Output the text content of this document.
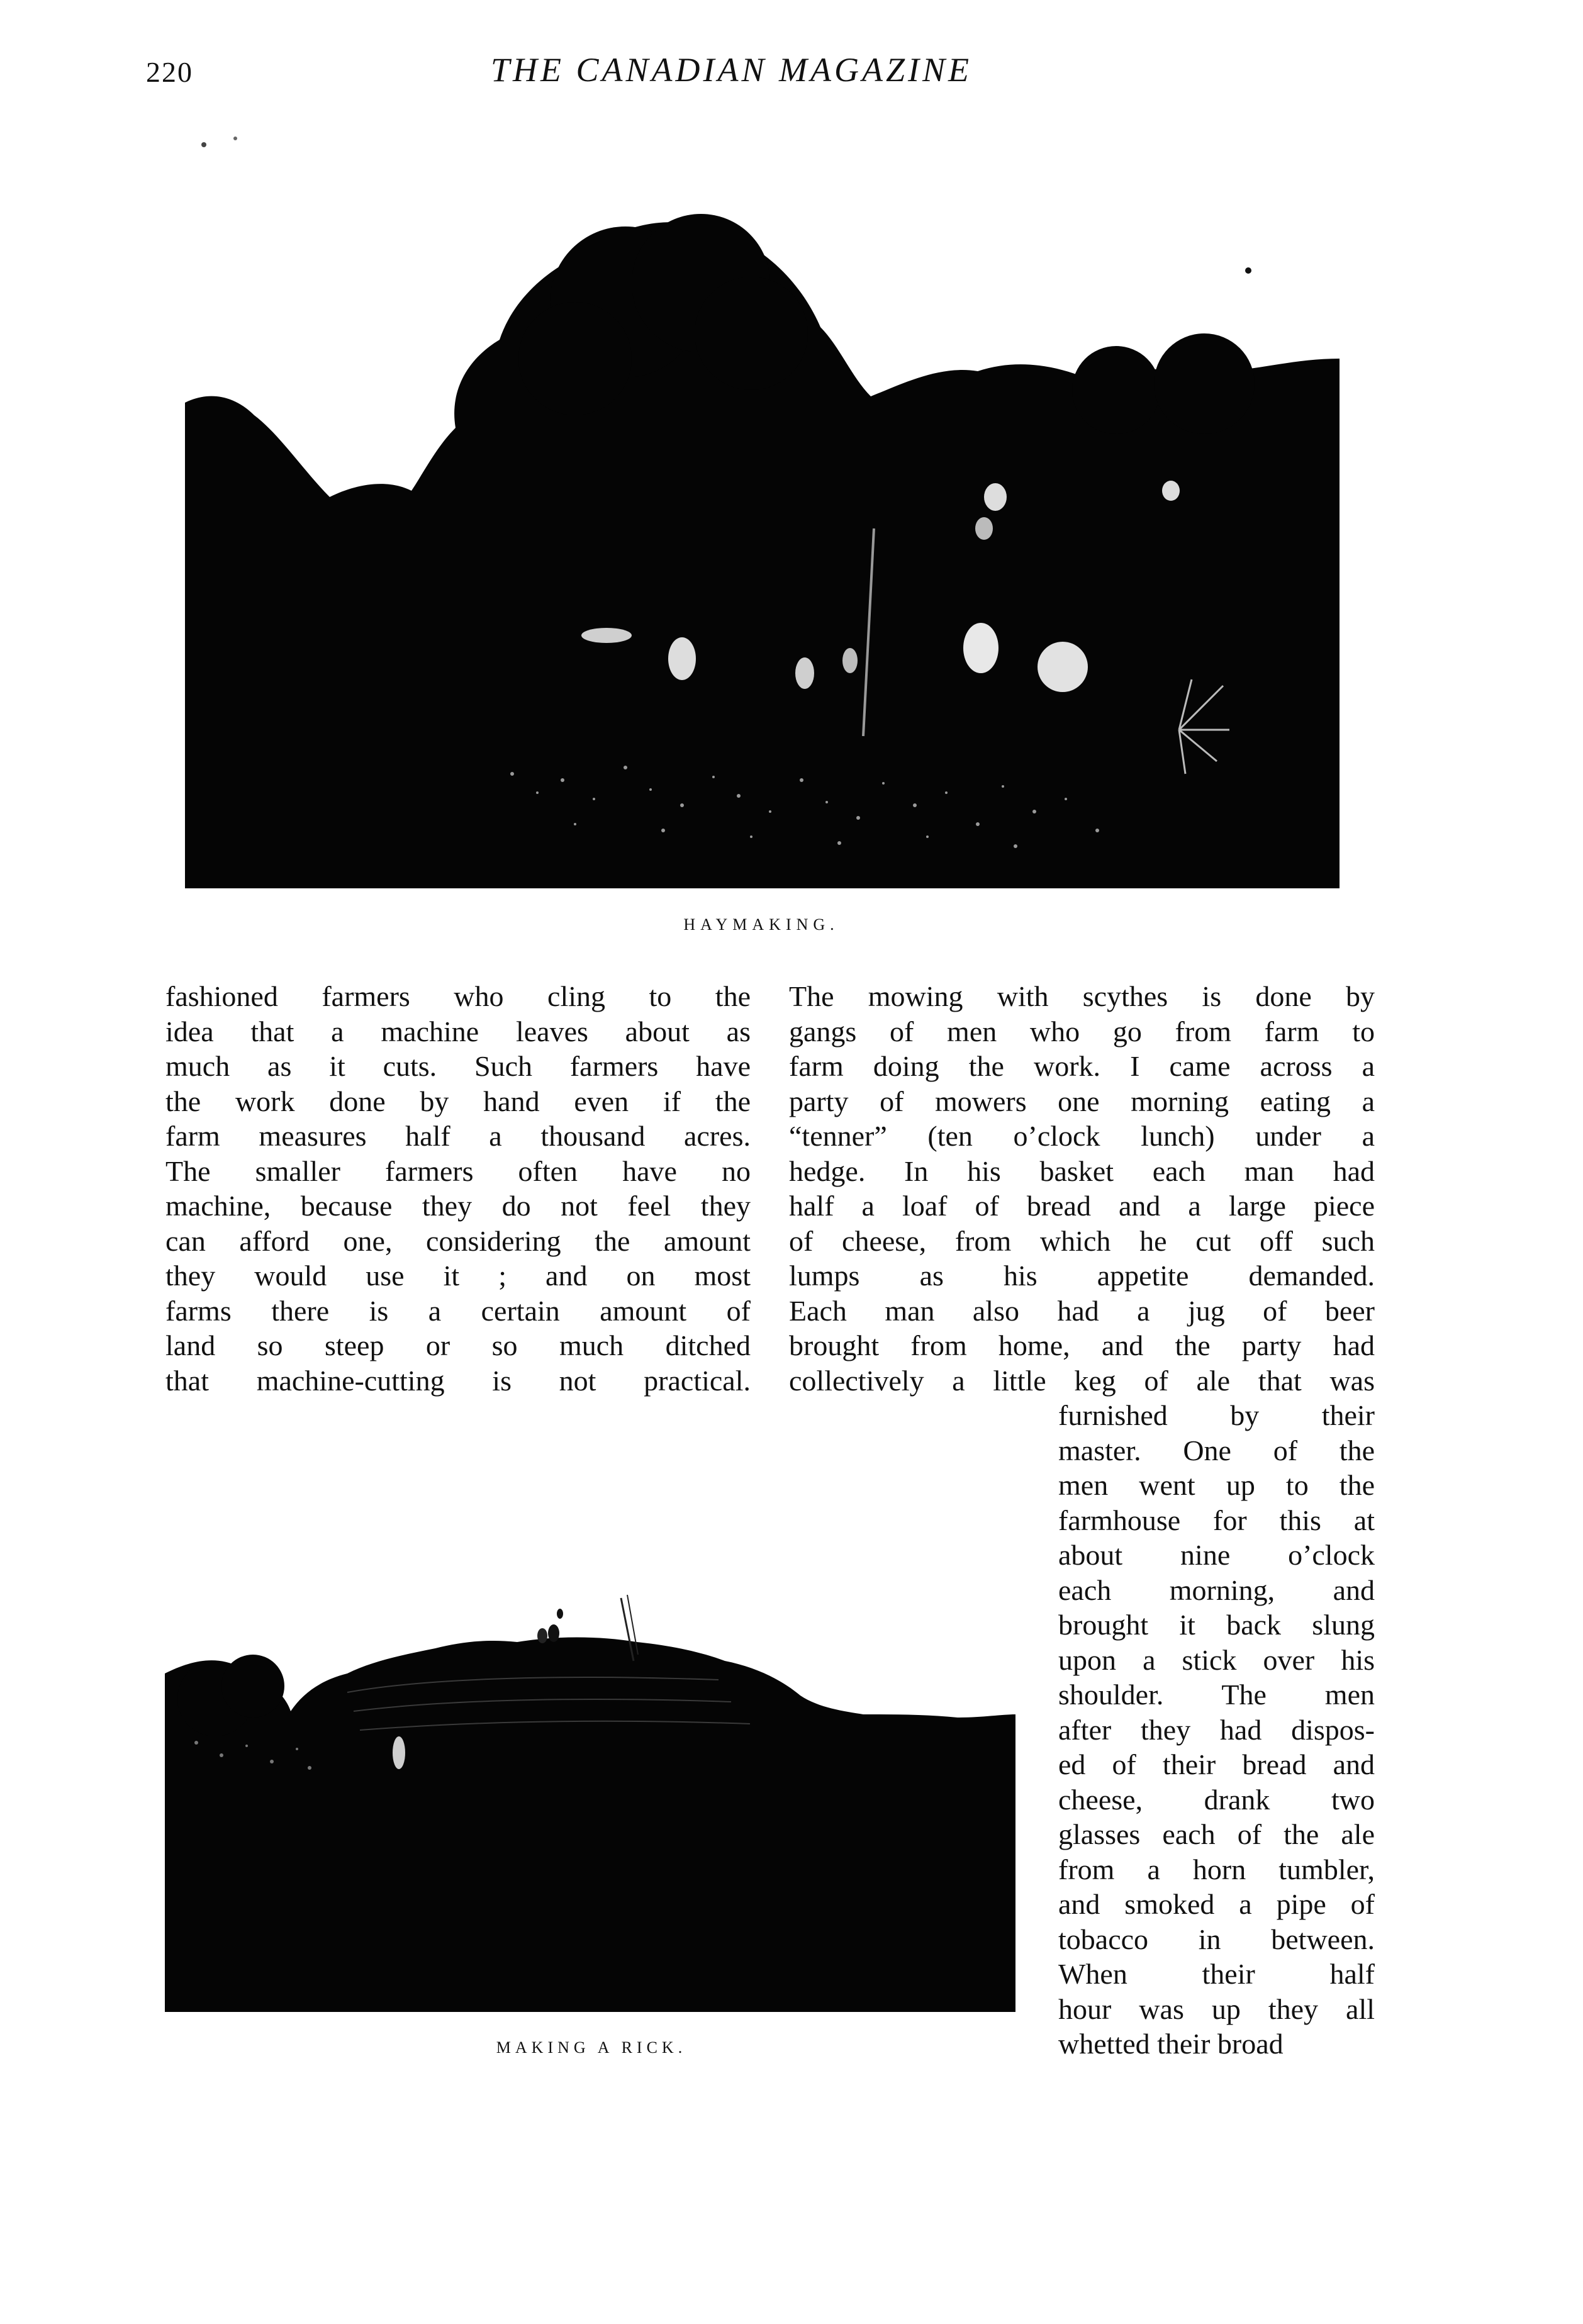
220	THE CANADIAN MAGAZINE
HAYMAKING.
fashioned farmers who cling to the
idea that a machine leaves about as
much as it cuts. Such farmers have
the work done by hand even if the
farm measures half a thousand acres.
The smaller farmers often have no
machine, because they do not feel they
can afford one, considering the amount
they would use it ; and on most
farms there is a certain amount of
land so steep or so much ditched
that machine-cutting is not practical.
The mowing with scythes is done by
gangs of men who go from farm to
farm doing the work. I came across a
party of mowers one morning eating a
“tenner” (ten o’clock lunch) under a
hedge. In his basket each man had
half a loaf of bread and a large piece
of cheese, from which he cut off such
lumps as his appetite demanded.
Each man also had a jug of beer
brought from home, and the party had
collectively a little keg of ale that was
furnished by their
master. One of the
men went up to the
farmhouse for this at
about nine o’clock
each morning, and
brought it back slung
upon a stick over his
shoulder. The men
after they had dispos-
ed of their bread and
cheese, drank two
glasses each of the ale
from a horn tumbler,
and smoked a pipe of
tobacco in between.
When their half
hour was up they all
whetted their broad
MAKING A RICK.
